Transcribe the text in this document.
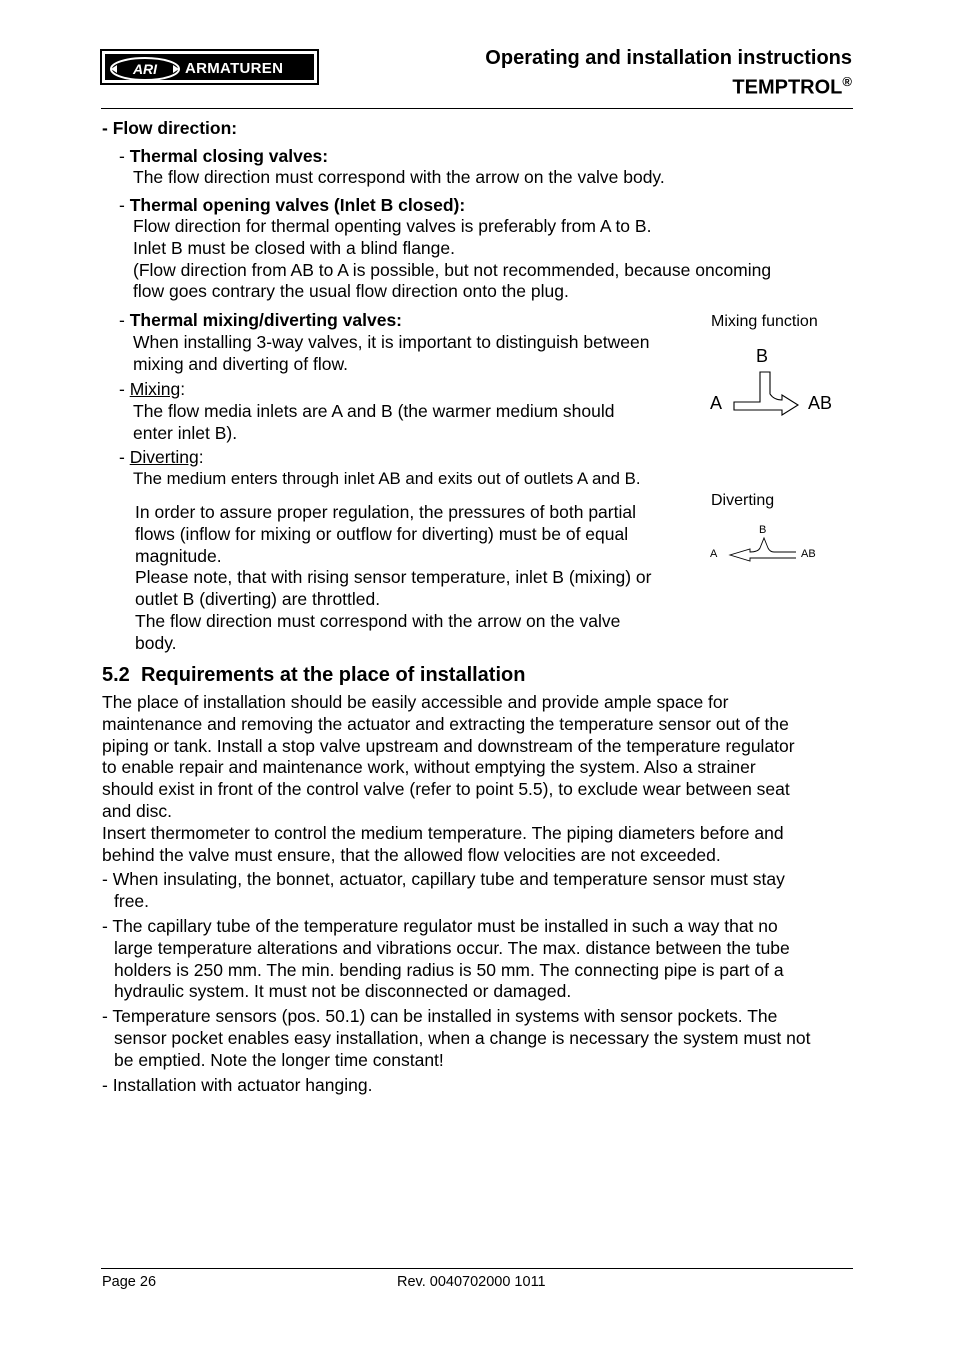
ARI ARMATUREN	Operating and installation instructions
TEMPTROL®
- Flow direction:
- Thermal closing valves:
The flow direction must correspond with the arrow on the valve body.
- Thermal opening valves (Inlet B closed):
Flow direction for thermal openting valves is preferably from A to B.
Inlet B must be closed with a blind flange.
(Flow direction from AB to A is possible, but not recommended, because oncoming
flow goes contrary the usual flow direction onto the plug.
- Thermal mixing/diverting valves:
When installing 3-way valves, it is important to distinguish between
mixing and diverting of flow.
- Mixing:
The flow media inlets are A and B (the warmer medium should
enter inlet B).
- Diverting:
The medium enters through inlet AB and exits out of outlets A and B.
In order to assure proper regulation, the pressures of both partial
flows (inflow for mixing or outflow for diverting) must be of equal
magnitude.
Please note, that with rising sensor temperature, inlet B (mixing) or
outlet B (diverting) are throttled.
The flow direction must correspond with the arrow on the valve
body.
Mixing function
B
A	AB
Diverting
B
A	AB
5.2 Requirements at the place of installation
The place of installation should be easily accessible and provide ample space for
maintenance and removing the actuator and extracting the temperature sensor out of the
piping or tank. Install a stop valve upstream and downstream of the temperature regulator
to enable repair and maintenance work, without emptying the system. Also a strainer
should exist in front of the control valve (refer to point 5.5), to exclude wear between seat
and disc.
Insert thermometer to control the medium temperature. The piping diameters before and
behind the valve must ensure, that the allowed flow velocities are not exceeded.
- When insulating, the bonnet, actuator, capillary tube and temperature sensor must stay
free.
- The capillary tube of the temperature regulator must be installed in such a way that no
large temperature alterations and vibrations occur. The max. distance between the tube
holders is 250 mm. The min. bending radius is 50 mm. The connecting pipe is part of a
hydraulic system. It must not be disconnected or damaged.
- Temperature sensors (pos. 50.1) can be installed in systems with sensor pockets. The
sensor pocket enables easy installation, when a change is necessary the system must not
be emptied. Note the longer time constant!
- Installation with actuator hanging.
Page 26	Rev. 0040702000 1011
